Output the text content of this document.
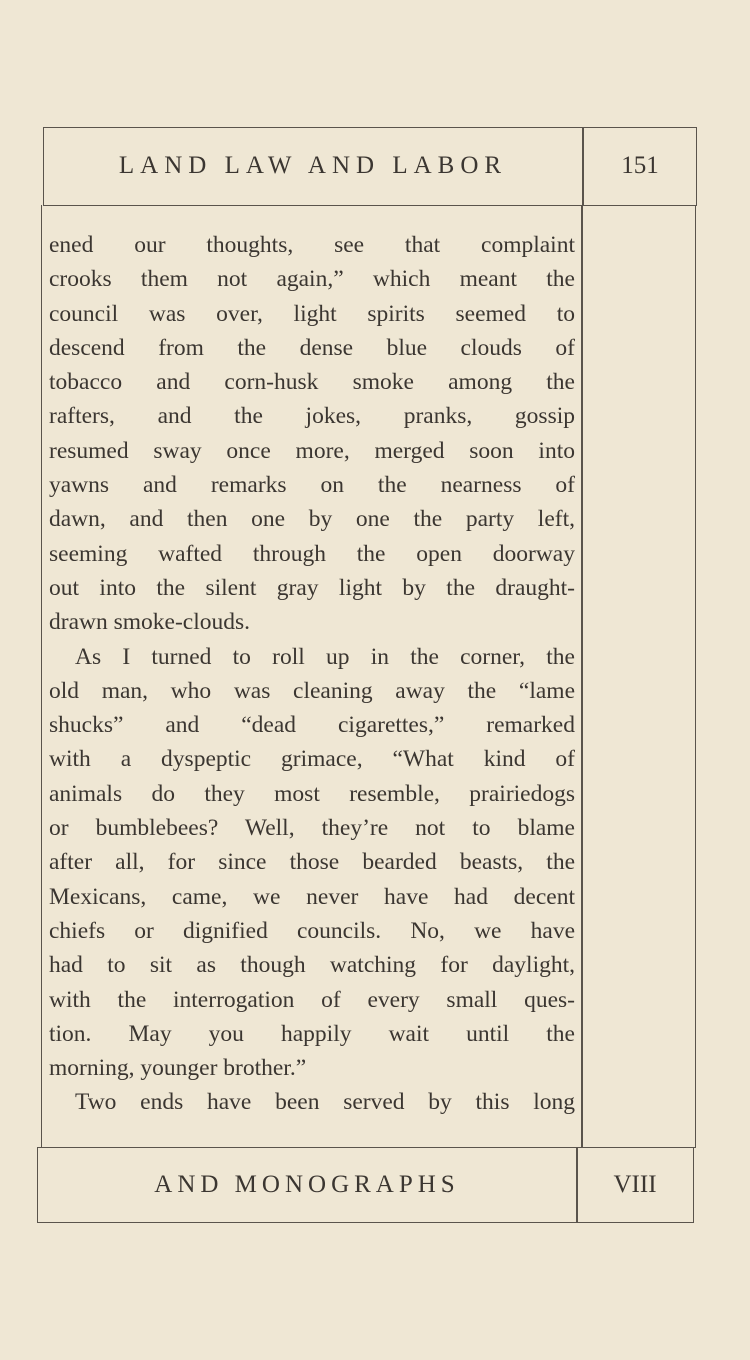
LAND LAW AND LABOR	151
ened our thoughts, see that complaint
crooks them not again,” which meant the
council was over, light spirits seemed to
descend from the dense blue clouds of
tobacco and corn-husk smoke among the
rafters, and the jokes, pranks, gossip
resumed sway once more, merged soon into
yawns and remarks on the nearness of
dawn, and then one by one the party left,
seeming wafted through the open doorway
out into the silent gray light by the draught-
drawn smoke-clouds.
As I turned to roll up in the corner, the
old man, who was cleaning away the “lame
shucks” and “dead cigarettes,” remarked
with a dyspeptic grimace, “What kind of
animals do they most resemble, prairiedogs
or bumblebees? Well, they’re not to blame
after all, for since those bearded beasts, the
Mexicans, came, we never have had decent
chiefs or dignified councils. No, we have
had to sit as though watching for daylight,
with the interrogation of every small ques-
tion. May you happily wait until the
morning, younger brother.”
Two ends have been served by this long
AND MONOGRAPHS	VIII
